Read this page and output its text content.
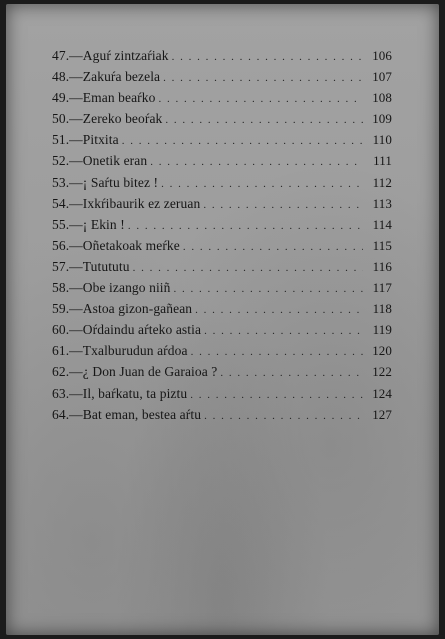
47.—Aguŕ zintzaŕiak . . .	106
48.—Zakuŕa bezela . . .	107
49.—Eman beaŕko . . .	108
50.—Zereko beoŕak . . .	109
51.—Pitxita . . .	110
52.—Onetik eran . . .	111
53.—¡ Saŕtu bitez ! . . .	112
54.—Ixkŕibaurik ez zeruan . . .	113
55.—¡ Ekin ! . . .	114
56.—Oñetakoak meŕke . . .	115
57.—Tutututu . . .	116
58.—Obe izango niiñ . . .	117
59.—Astoa gizon-gañean . . .	118
60.—Oŕdaindu aŕteko astia . . .	119
61.—Txalburudun aŕdoa . . .	120
62.—¿ Don Juan de Garaioa ? . . .	122
63.—Il, baŕkatu, ta piztu . . .	124
64.—Bat eman, bestea aŕtu . . .	127
